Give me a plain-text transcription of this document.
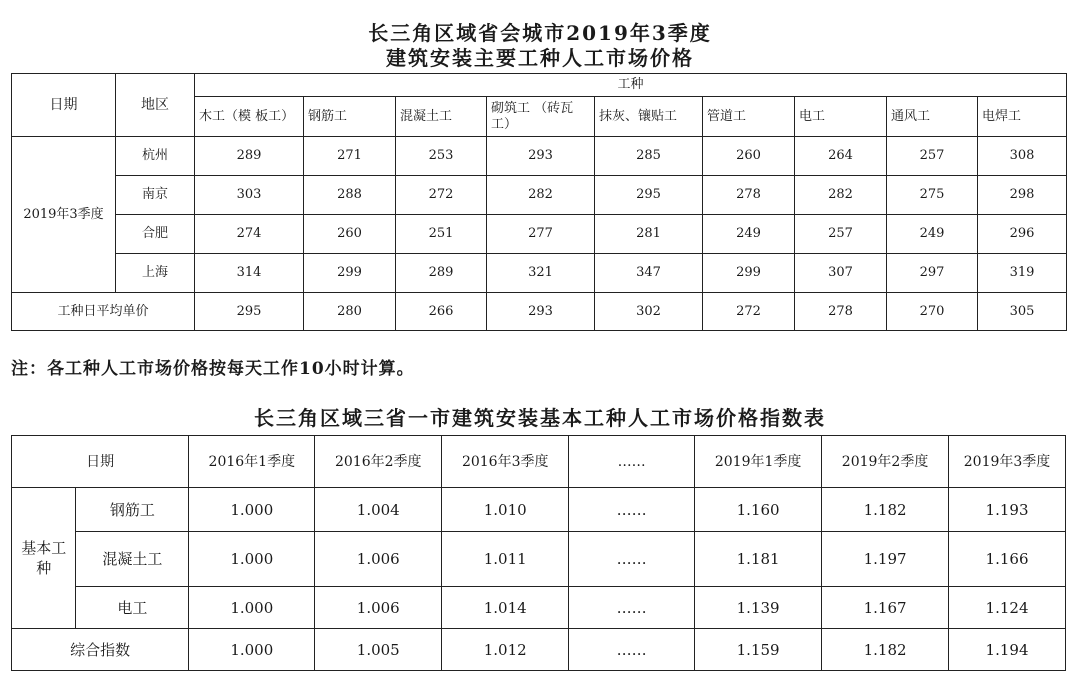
长三角区域省会城市2019年3季度
建筑安装主要工种人工市场价格
日期	地区	工种								
		木工（模 板工）	钢筋工	混凝土工	砌筑工 （砖瓦工）	抹灰、镶贴工	管道工	电工	通风工	电焊工
2019年3季度	杭州	289	271	253	293	285	260	264	257	308
	南京	303	288	272	282	295	278	282	275	298
	合肥	274	260	251	277	281	249	257	249	296
	上海	314	299	289	321	347	299	307	297	319
工种日平均单价		295	280	266	293	302	272	278	270	305
注：各工种人工市场价格按每天工作10小时计算。
长三角区域三省一市建筑安装基本工种人工市场价格指数表
日期		2016年1季度	2016年2季度	2016年3季度	……	2019年1季度	2019年2季度	2019年3季度
基本工种	钢筋工	1.000	1.004	1.010	……	1.160	1.182	1.193
	混凝土工	1.000	1.006	1.011	……	1.181	1.197	1.166
	电工	1.000	1.006	1.014	……	1.139	1.167	1.124
综合指数		1.000	1.005	1.012	……	1.159	1.182	1.194
